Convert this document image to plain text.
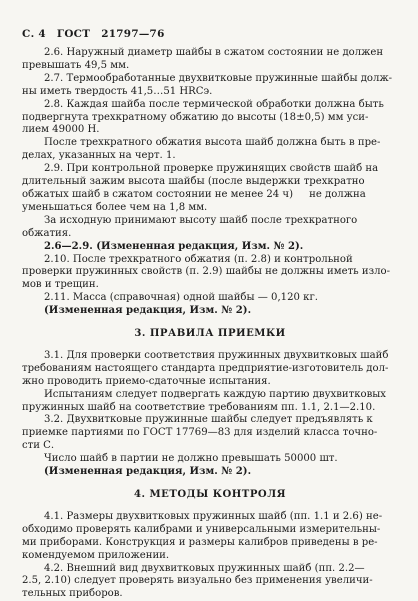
С. 4 ГОСТ 21797—76

2.6. Наружный диаметр шайбы в сжатом состоянии не должен

превышать 49,5 мм.

2.7. Термообработанные двухвитковые пружинные шайбы долж-

ны иметь твердость 41,5…51 HRCэ.

2.8. Каждая шайба после термической обработки должна быть

подвергнута трехкратному обжатию до высоты (18±0,5) мм уси-

лием 49000 Н.

После трехкратного обжатия высота шайб должна быть в пре-

делах, указанных на черт. 1.

2.9. При контрольной проверке пружинящих свойств шайб на

длительный зажим высота шайбы (после выдержки трехкратно

обжатых шайб в сжатом состоянии не менее 24 ч)     не должна

уменьшаться более чем на 1,8 мм.

За исходную принимают высоту шайб после трехкратного

обжатия.

2.6—2.9. (Измененная редакция, Изм. № 2).

2.10. После трехкратного обжатия (п. 2.8) и контрольной

проверки пружинных свойств (п. 2.9) шайбы не должны иметь изло-

мов и трещин.

2.11. Масса (справочная) одной шайбы — 0,120 кг.

(Измененная редакция, Изм. № 2).

3. ПРАВИЛА ПРИЕМКИ

3.1. Для проверки соответствия пружинных двухвитковых шайб

требованиям настоящего стандарта предприятие-изготовитель дол-

жно проводить приемо-сдаточные испытания.

Испытаниям следует подвергать каждую партию двухвитковых

пружинных шайб на соответствие требованиям пп. 1.1, 2.1—2.10.

3.2. Двухвитковые пружинные шайбы следует предъявлять к

приемке партиями по ГОСТ 17769—83 для изделий класса точно-

сти С.

Число шайб в партии не должно превышать 50000 шт.

(Измененная редакция, Изм. № 2).

4. МЕТОДЫ КОНТРОЛЯ

4.1. Размеры двухвитковых пружинных шайб (пп. 1.1 и 2.6) не-

обходимо проверять калибрами и универсальными измерительны-

ми приборами. Конструкция и размеры калибров приведены в ре-

комендуемом приложении.

4.2. Внешний вид двухвитковых пружинных шайб (пп. 2.2—

2.5, 2.10) следует проверять визуально без применения увеличи-

тельных приборов.
